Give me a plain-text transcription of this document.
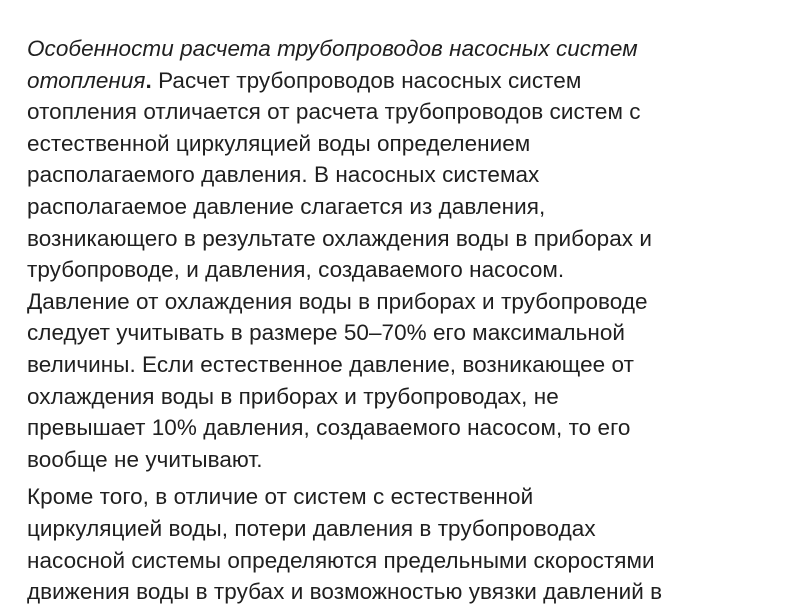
Особенности расчета трубопроводов насосных систем
отопления. Расчет трубопроводов насосных систем
отопления отличается от расчета трубопроводов систем с
естественной циркуляцией воды определением
располагаемого давления. В насосных системах
располагаемое давление слагается из давления,
возникающего в результате охлаждения воды в приборах и
трубопроводе, и давления, создаваемого насосом.
Давление от охлаждения воды в приборах и трубопроводе
следует учитывать в размере 50–70% его максимальной
величины. Если естественное давление, возникающее от
охлаждения воды в приборах и трубопроводах, не
превышает 10% давления, создаваемого насосом, то его
вообще не учитывают.

Кроме того, в отличие от систем с естественной
циркуляцией воды, потери давления в трубопроводах
насосной системы определяются предельными скоростями
движения воды в трубах и возможностью увязки давлений в
